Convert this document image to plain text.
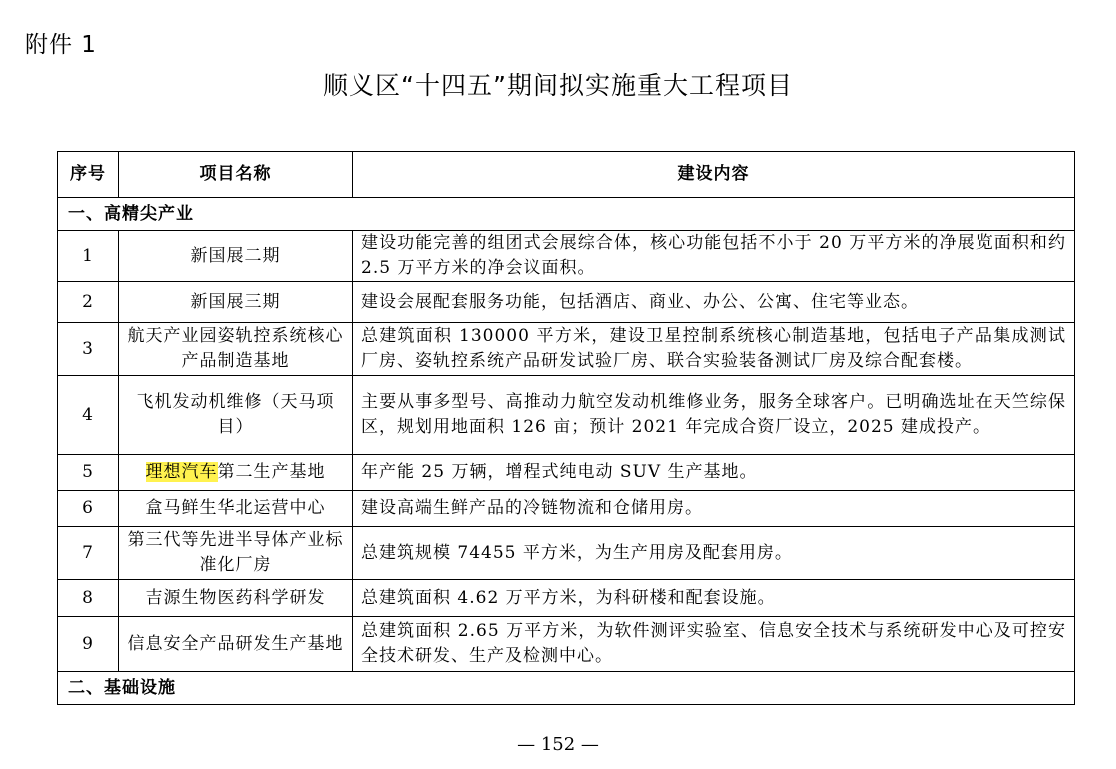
附件 1
顺义区“十四五”期间拟实施重大工程项目
序号	项目名称	建设内容
一、高精尖产业		
1	新国展二期	建设功能完善的组团式会展综合体，核心功能包括不小于 20 万平方米的净展览面积和约 2.5 万平方米的净会议面积。
2	新国展三期	建设会展配套服务功能，包括酒店、商业、办公、公寓、住宅等业态。
3	航天产业园姿轨控系统核心产品制造基地	总建筑面积 130000 平方米，建设卫星控制系统核心制造基地，包括电子产品集成测试厂房、姿轨控系统产品研发试验厂房、联合实验装备测试厂房及综合配套楼。
4	飞机发动机维修（天马项目）	主要从事多型号、高推动力航空发动机维修业务，服务全球客户。已明确选址在天竺综保区，规划用地面积 126 亩；预计 2021 年完成合资厂设立，2025 建成投产。
5	理想汽车第二生产基地	年产能 25 万辆，增程式纯电动 SUV 生产基地。
6	盒马鲜生华北运营中心	建设高端生鲜产品的冷链物流和仓储用房。
7	第三代等先进半导体产业标准化厂房	总建筑规模 74455 平方米，为生产用房及配套用房。
8	吉源生物医药科学研发	总建筑面积 4.62 万平方米，为科研楼和配套设施。
9	信息安全产品研发生产基地	总建筑面积 2.65 万平方米，为软件测评实验室、信息安全技术与系统研发中心及可控安全技术研发、生产及检测中心。
二、基础设施		
— 152 —
